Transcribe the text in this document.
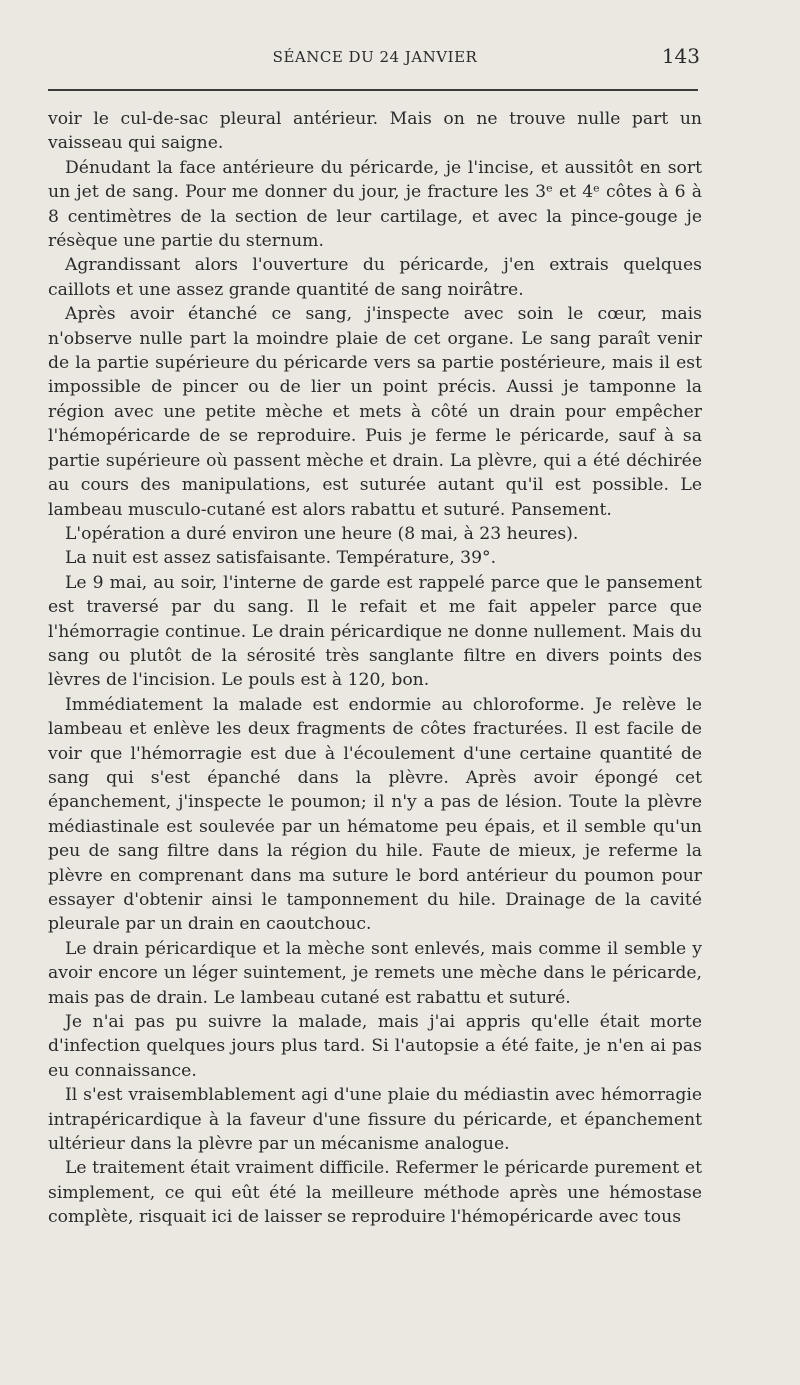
SÉANCE DU 24 JANVIER	143

voir le cul-de-sac pleural antérieur. Mais on ne trouve nulle part un vaisseau qui saigne.

Dénudant la face antérieure du péricarde, je l'incise, et aussitôt en sort un jet de sang. Pour me donner du jour, je fracture les 3ᵉ et 4ᵉ côtes à 6 à 8 centimètres de la section de leur cartilage, et avec la pince-gouge je résèque une partie du sternum.

Agrandissant alors l'ouverture du péricarde, j'en extrais quelques caillots et une assez grande quantité de sang noirâtre.

Après avoir étanché ce sang, j'inspecte avec soin le cœur, mais n'observe nulle part la moindre plaie de cet organe. Le sang paraît venir de la partie supérieure du péricarde vers sa partie postérieure, mais il est impossible de pincer ou de lier un point précis. Aussi je tamponne la région avec une petite mèche et mets à côté un drain pour empêcher l'hémopéricarde de se reproduire. Puis je ferme le péricarde, sauf à sa partie supérieure où passent mèche et drain. La plèvre, qui a été déchirée au cours des manipulations, est suturée autant qu'il est possible. Le lambeau musculo-cutané est alors rabattu et suturé. Pansement.

L'opération a duré environ une heure (8 mai, à 23 heures).

La nuit est assez satisfaisante. Température, 39°.

Le 9 mai, au soir, l'interne de garde est rappelé parce que le pansement est traversé par du sang. Il le refait et me fait appeler parce que l'hémorragie continue. Le drain péricardique ne donne nullement. Mais du sang ou plutôt de la sérosité très sanglante filtre en divers points des lèvres de l'incision. Le pouls est à 120, bon.

Immédiatement la malade est endormie au chloroforme. Je relève le lambeau et enlève les deux fragments de côtes fracturées. Il est facile de voir que l'hémorragie est due à l'écoulement d'une certaine quantité de sang qui s'est épanché dans la plèvre. Après avoir épongé cet épanchement, j'inspecte le poumon; il n'y a pas de lésion. Toute la plèvre médiastinale est soulevée par un hématome peu épais, et il semble qu'un peu de sang filtre dans la région du hile. Faute de mieux, je referme la plèvre en comprenant dans ma suture le bord antérieur du poumon pour essayer d'obtenir ainsi le tamponnement du hile. Drainage de la cavité pleurale par un drain en caoutchouc.

Le drain péricardique et la mèche sont enlevés, mais comme il semble y avoir encore un léger suintement, je remets une mèche dans le péricarde, mais pas de drain. Le lambeau cutané est rabattu et suturé.

Je n'ai pas pu suivre la malade, mais j'ai appris qu'elle était morte d'infection quelques jours plus tard. Si l'autopsie a été faite, je n'en ai pas eu connaissance.

Il s'est vraisemblablement agi d'une plaie du médiastin avec hémorragie intrapéricardique à la faveur d'une fissure du péricarde, et épanchement ultérieur dans la plèvre par un mécanisme analogue.

Le traitement était vraiment difficile. Refermer le péricarde purement et simplement, ce qui eût été la meilleure méthode après une hémostase complète, risquait ici de laisser se reproduire l'hémopéricarde avec tous
